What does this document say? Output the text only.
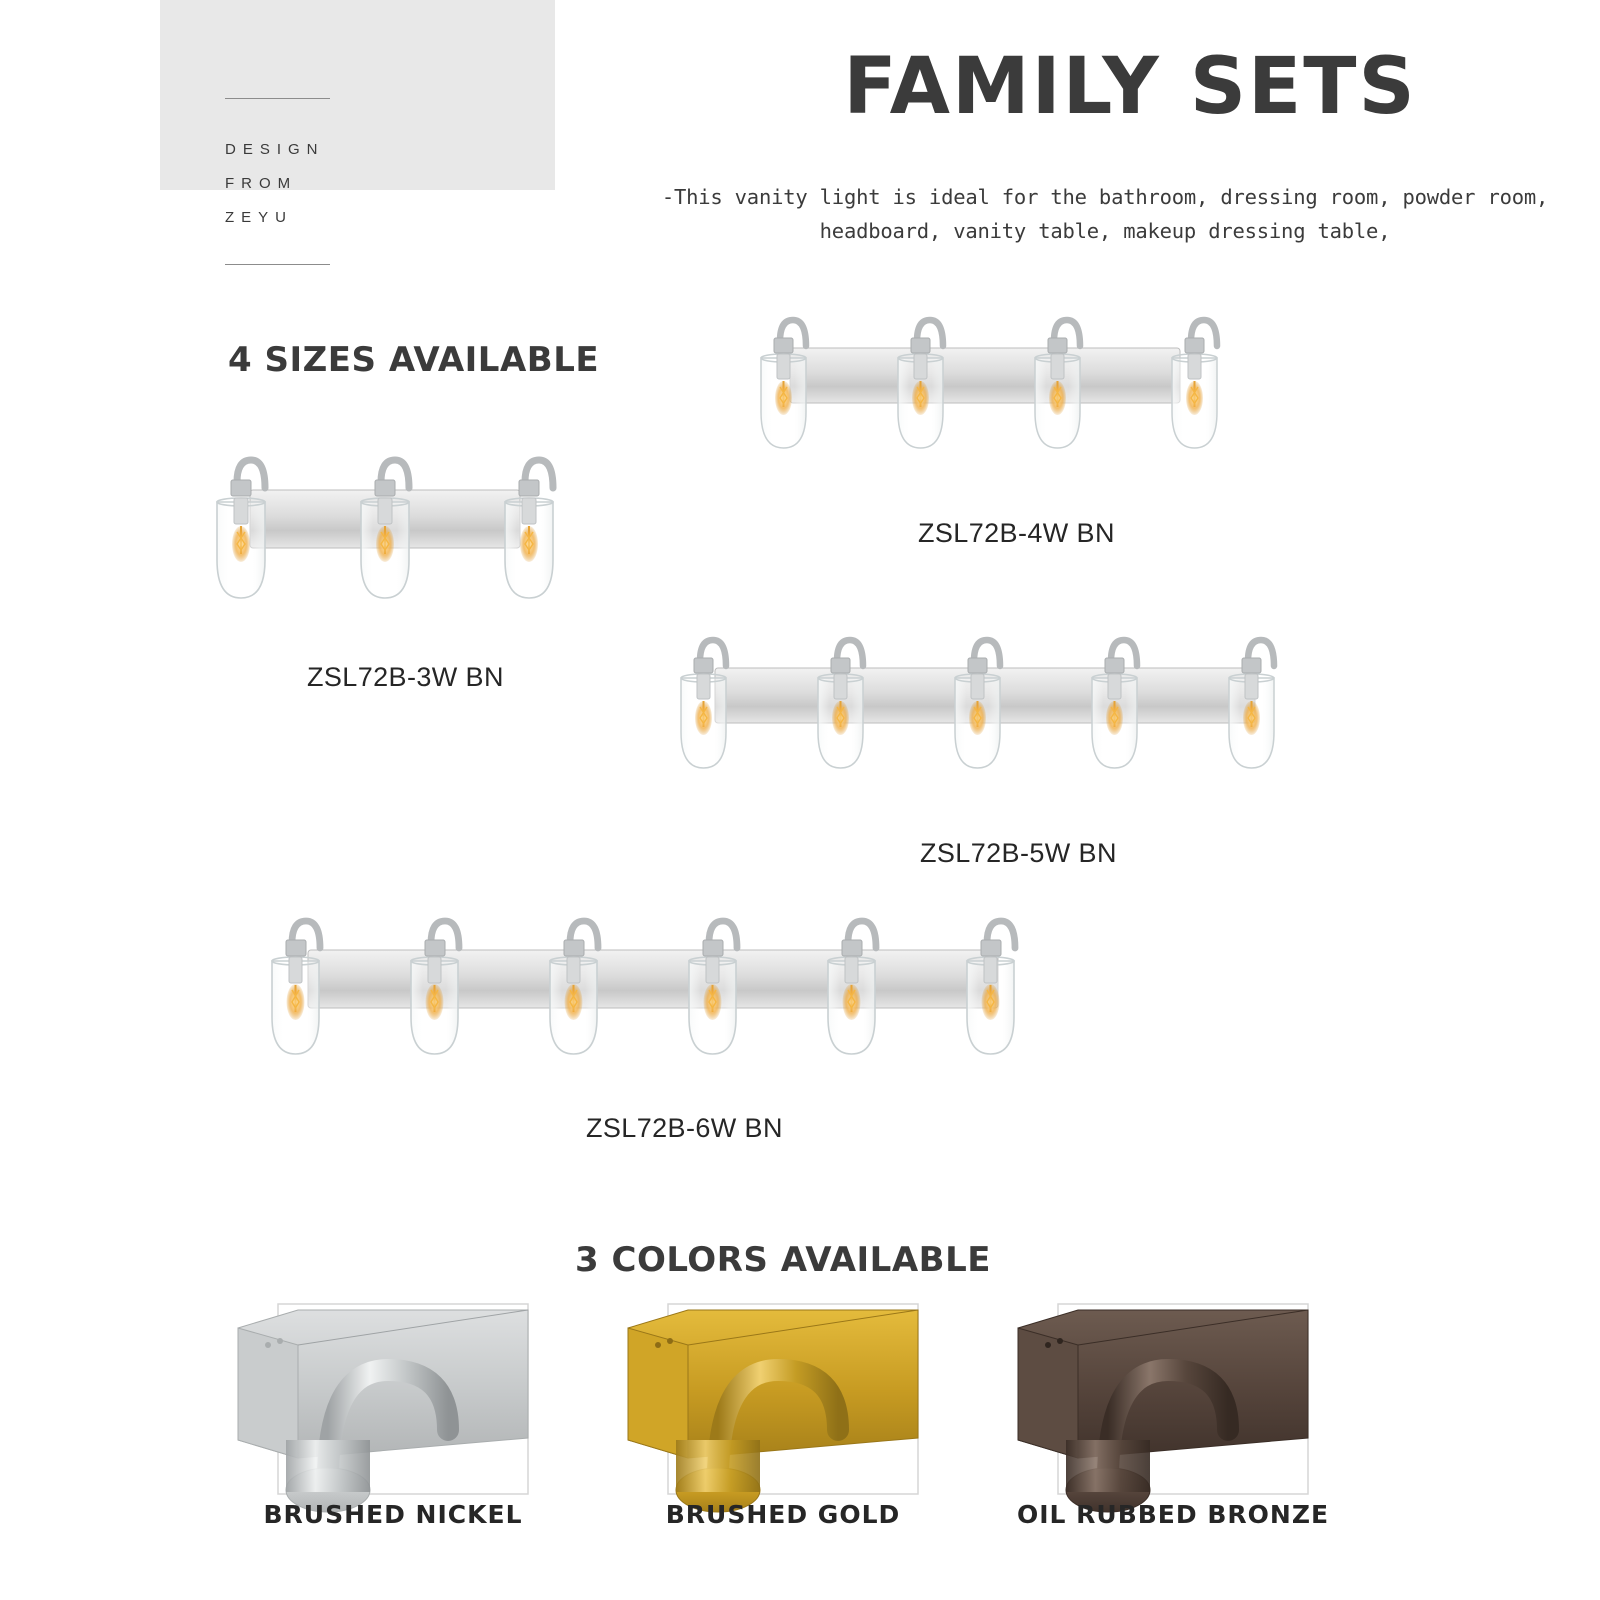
DESIGN
FROM
ZEYU
FAMILY SETS
-This vanity light is ideal for the bathroom, dressing room, powder room, headboard, vanity table, makeup dressing table,
4 SIZES AVAILABLE
3 COLORS AVAILABLE
ZSL72B-3W BN
ZSL72B-4W BN
ZSL72B-5W BN
ZSL72B-6W BN
BRUSHED NICKEL	BRUSHED GOLD	OIL RUBBED BRONZE
